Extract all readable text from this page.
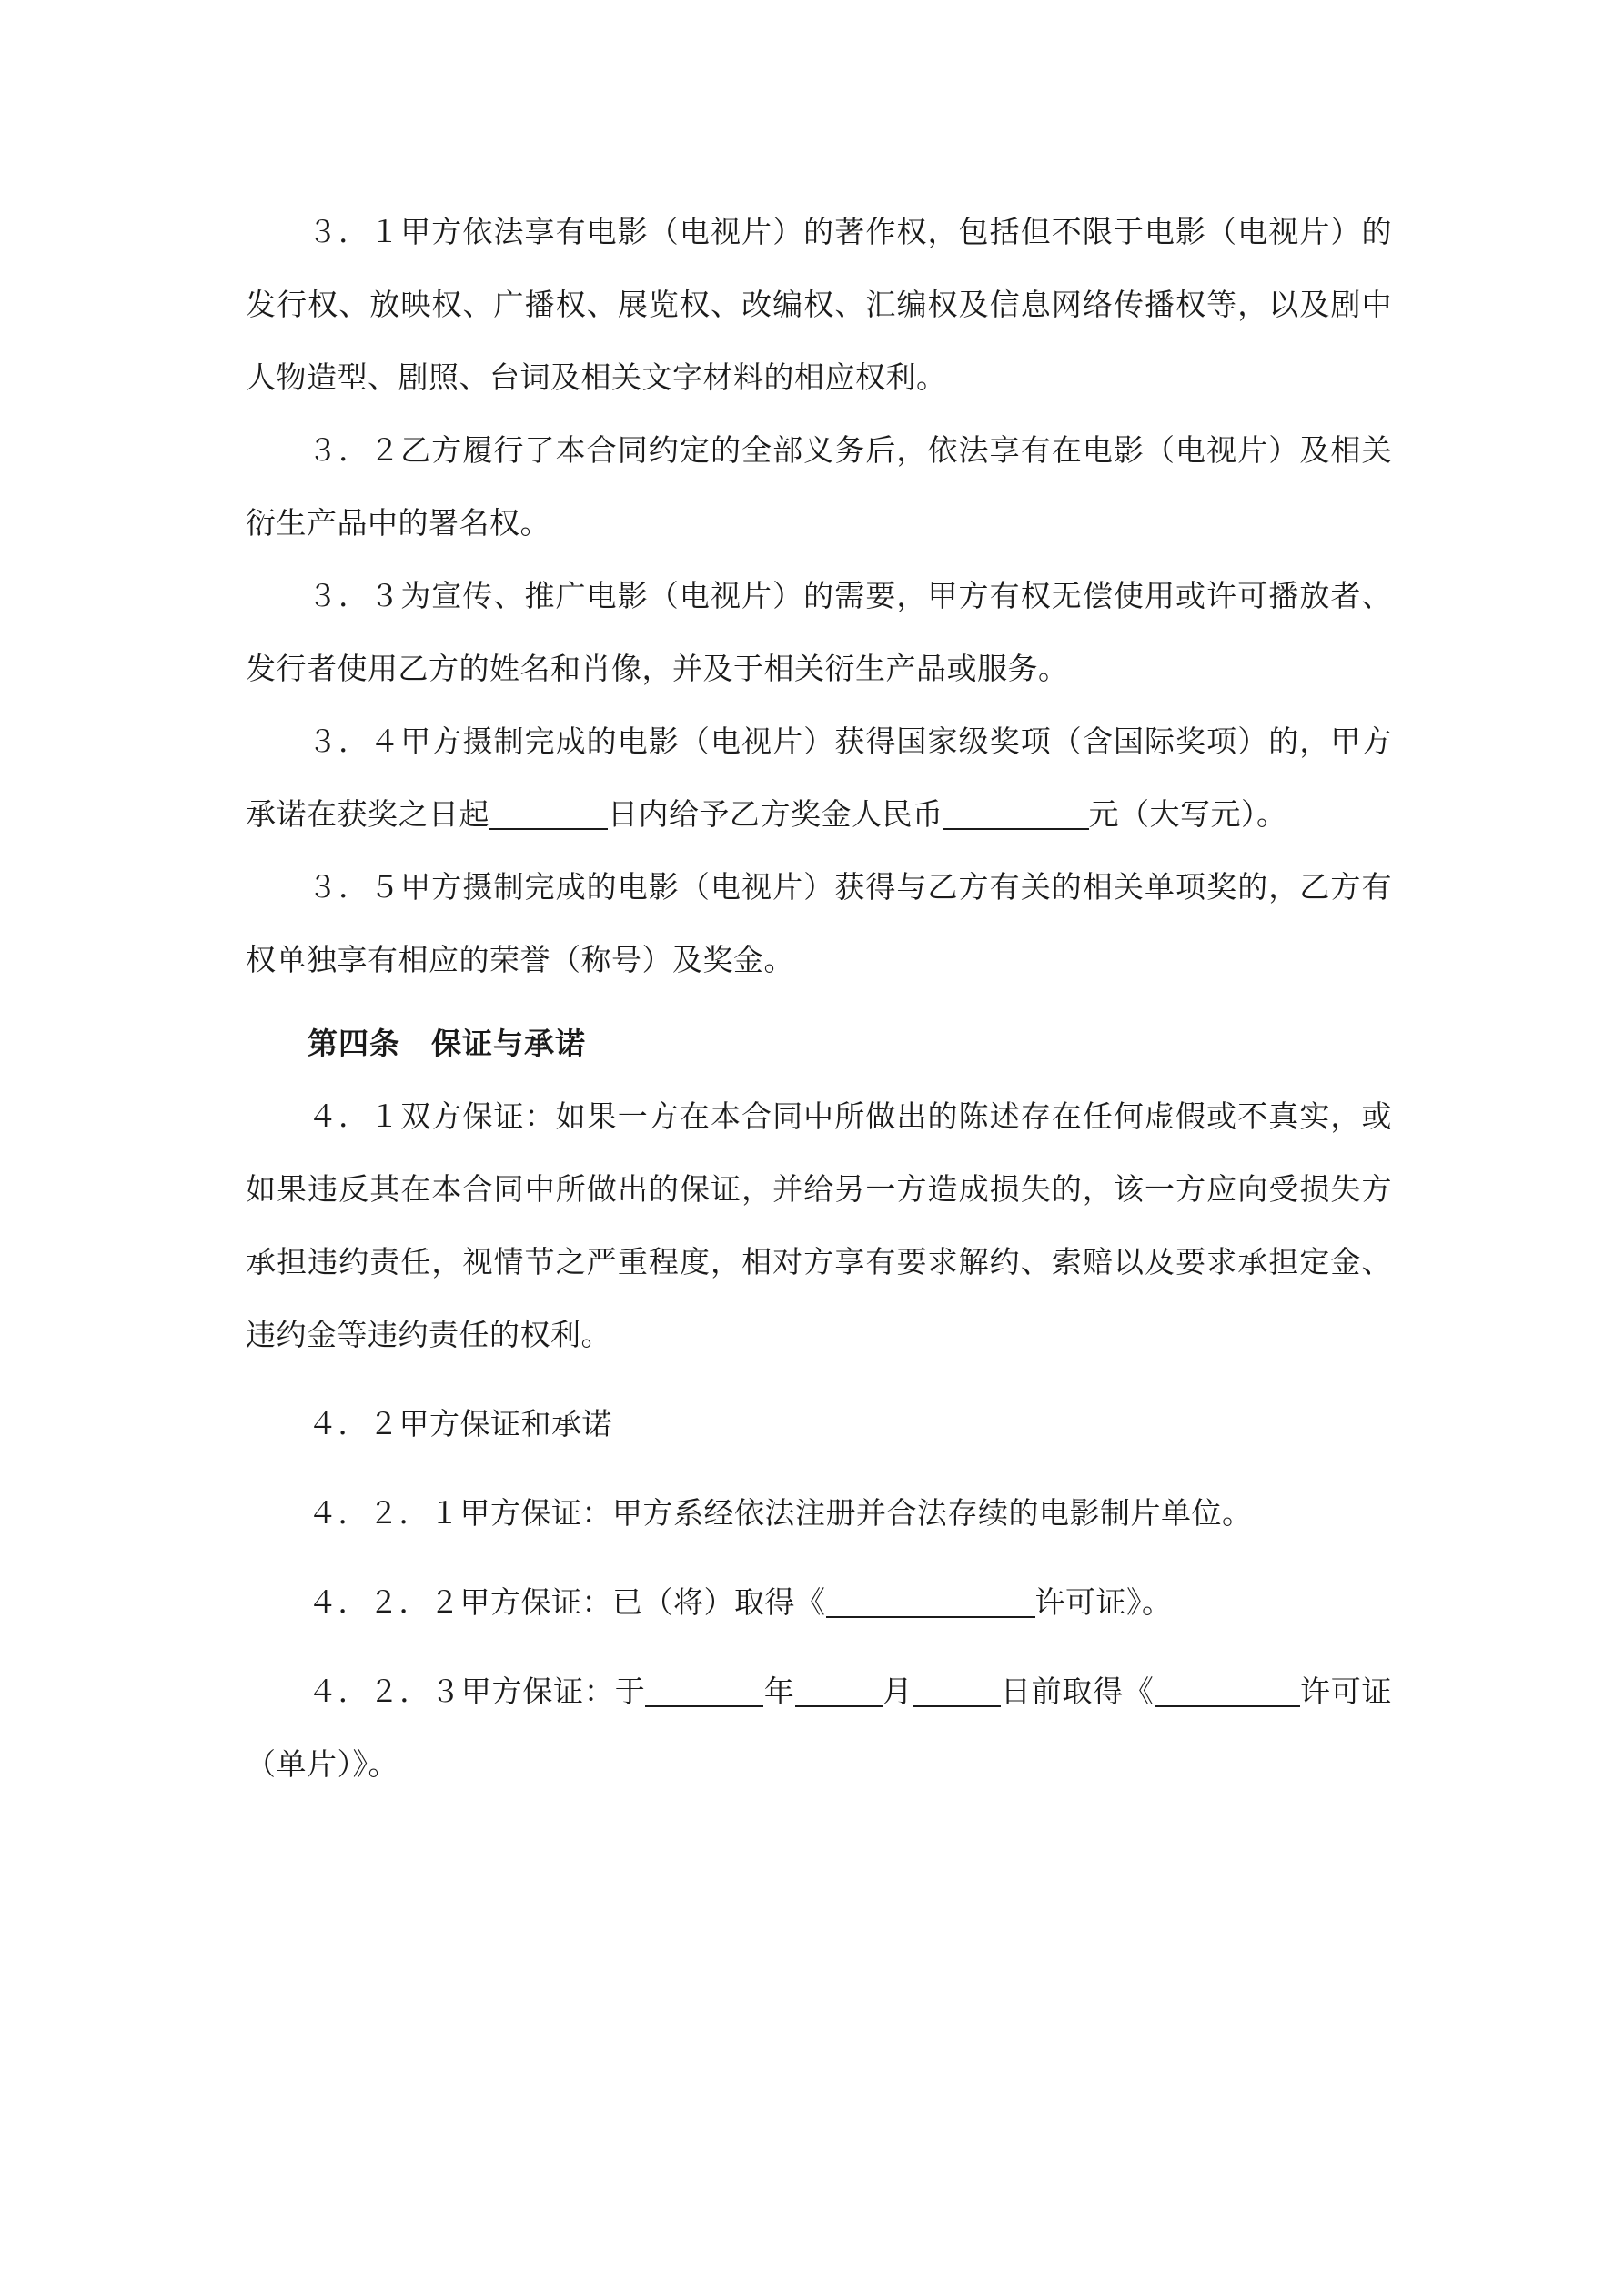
３．１甲方依法享有电影（电视片）的著作权，包括但不限于电影（电视片）的发行权、放映权、广播权、展览权、改编权、汇编权及信息网络传播权等，以及剧中人物造型、剧照、台词及相关文字材料的相应权利。

３．２乙方履行了本合同约定的全部义务后，依法享有在电影（电视片）及相关衍生产品中的署名权。

３．３为宣传、推广电影（电视片）的需要，甲方有权无偿使用或许可播放者、发行者使用乙方的姓名和肖像，并及于相关衍生产品或服务。

３．４甲方摄制完成的电影（电视片）获得国家级奖项（含国际奖项）的，甲方承诺在获奖之日起	日内给予乙方奖金人民币	元（大写元）。

３．５甲方摄制完成的电影（电视片）获得与乙方有关的相关单项奖的，乙方有权单独享有相应的荣誉（称号）及奖金。

第四条　保证与承诺

４．１双方保证：如果一方在本合同中所做出的陈述存在任何虚假或不真实，或如果违反其在本合同中所做出的保证，并给另一方造成损失的，该一方应向受损失方承担违约责任，视情节之严重程度，相对方享有要求解约、索赔以及要求承担定金、违约金等违约责任的权利。

４．２甲方保证和承诺

４．２．１甲方保证：甲方系经依法注册并合法存续的电影制片单位。

４．２．２甲方保证：已（将）取得《	许可证》。

４．２．３甲方保证：于	年	月	日前取得《	许可证（单片）》。
